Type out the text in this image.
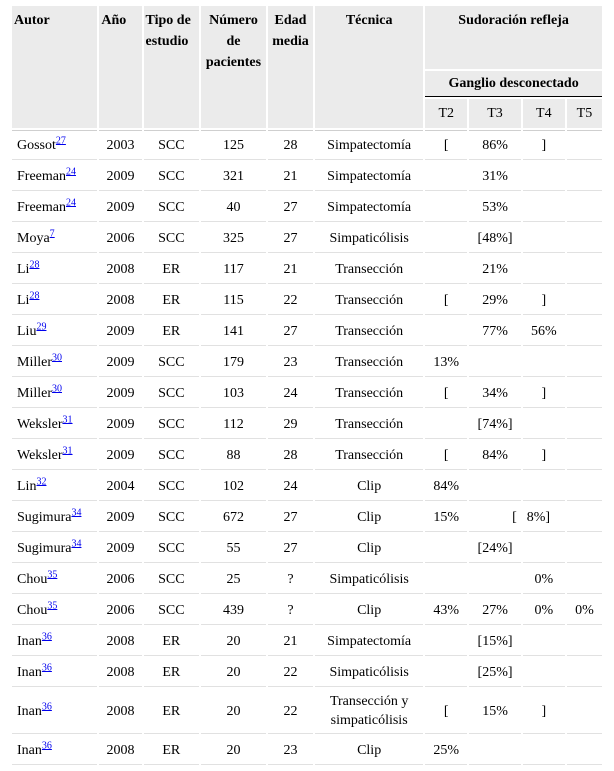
Autor	Año	Tipo de estudio	Número de pacientes	Edad media	Técnica	Sudoración refleja			
						Ganglio desconectado			
						T2	T3	T4	T5
Gossot$^{27}$	2003	SCC	125	28	Simpatectomía	[	86%	]	
Freeman$^{24}$	2009	SCC	321	21	Simpatectomía		31%		
Freeman$^{24}$	2009	SCC	40	27	Simpatectomía		53%		
Moya$^7$	2006	SCC	325	27	Simpaticólisis		[48%]		
Li$^{28}$	2008	ER	117	21	Transección		21%		
Li$^{28}$	2008	ER	115	22	Transección	[	29%	]	
Liu$^{29}$	2009	ER	141	27	Transección		77%	56%	
Miller$^{30}$	2009	SCC	179	23	Transección	13%			
Miller$^{30}$	2009	SCC	103	24	Transección	[	34%	]	
Weksler$^{31}$	2009	SCC	112	29	Transección		[74%]		
Weksler$^{31}$	2009	SCC	88	28	Transección	[	84%	]	
Lin$^{32}$	2004	SCC	102	24	Clip	84%			
Sugimura$^{34}$	2009	SCC	672	27	Clip	15%	[	8%]	
Sugimura$^{34}$	2009	SCC	55	27	Clip		[24%]		
Chou$^{35}$	2006	SCC	25	?	Simpaticólisis			0%	
Chou$^{35}$	2006	SCC	439	?	Clip	43%	27%	0%	0%
Inan$^{36}$	2008	ER	20	21	Simpatectomía		[15%]		
Inan$^{36}$	2008	ER	20	22	Simpaticólisis		[25%]		
Inan$^{36}$	2008	ER	20	22	Transección y simpaticólisis	[	15%	]	
Inan$^{36}$	2008	ER	20	23	Clip	25%			
